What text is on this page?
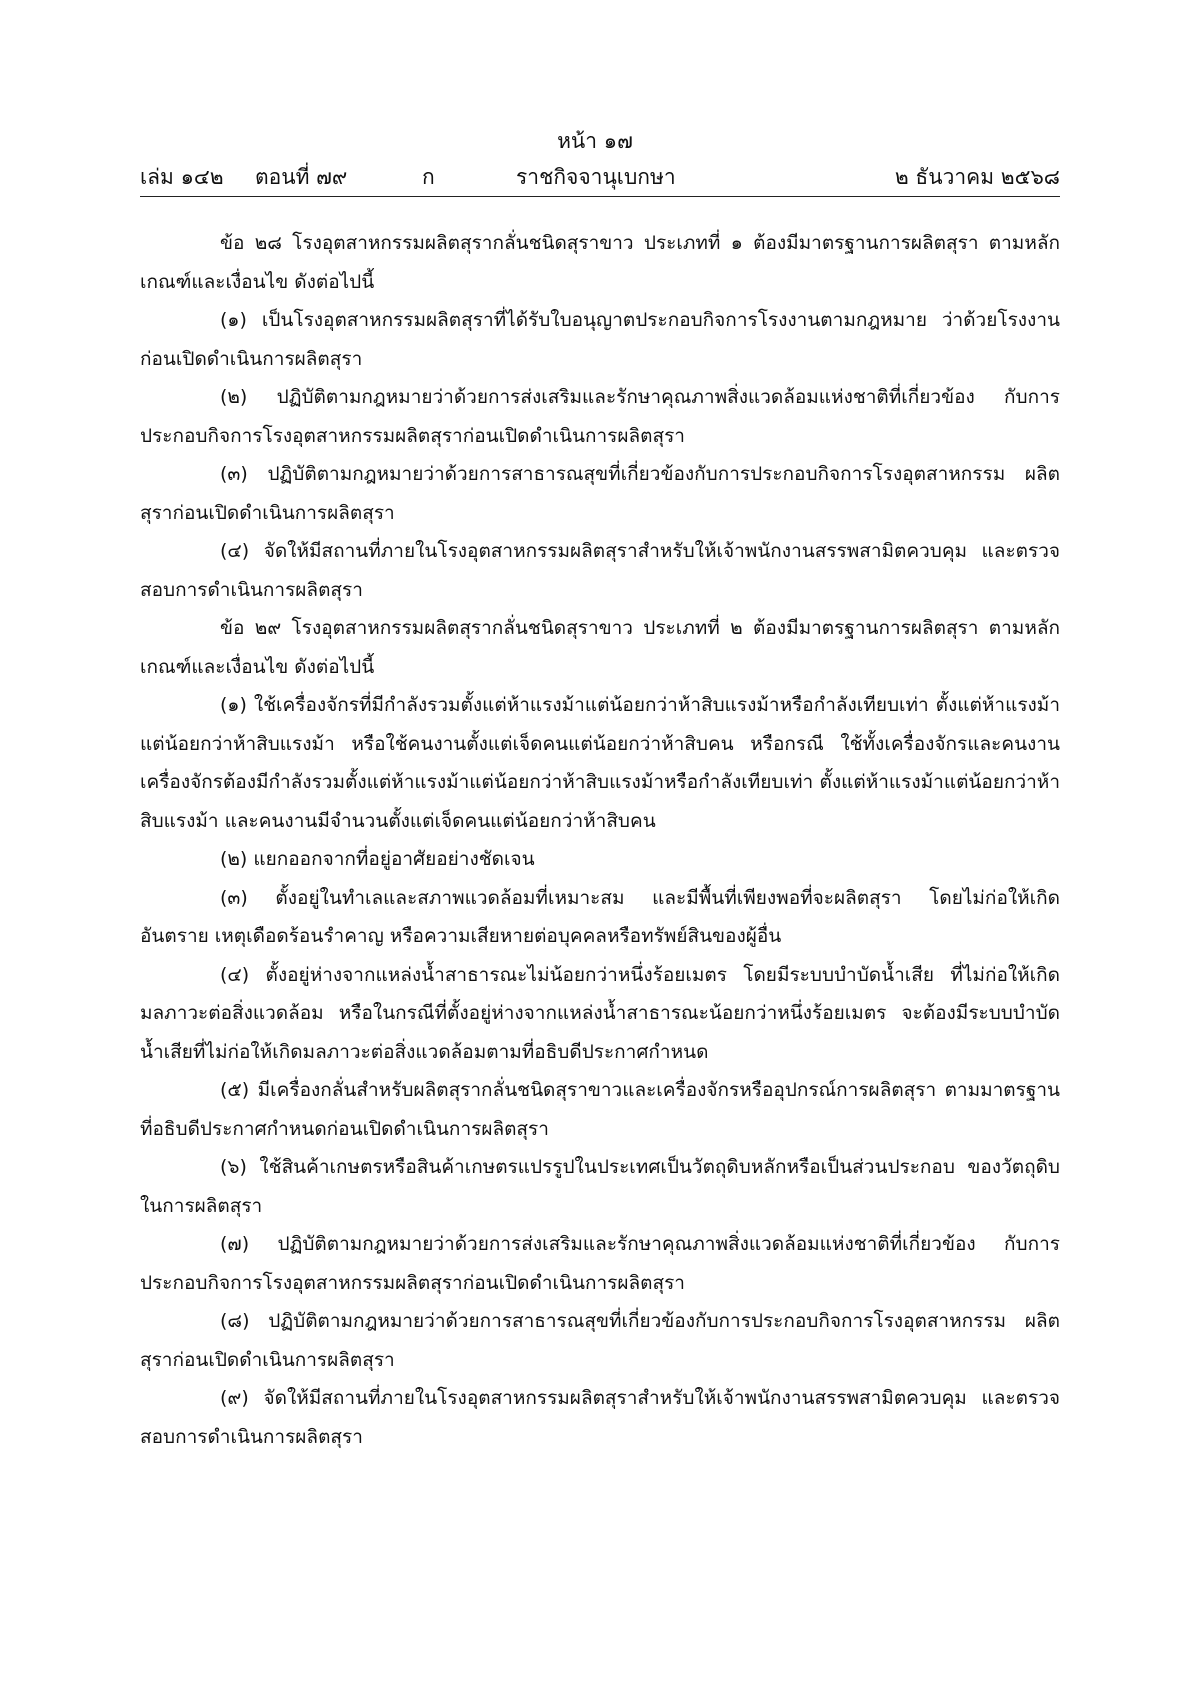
หน้า ๑๗
เล่ม ๑๔๒ ตอนที่ ๗๙	ก	ราชกิจจานุเบกษา	๒ ธันวาคม ๒๕๖๘

ข้อ ๒๘ โรงอุตสาหกรรมผลิตสุรากลั่นชนิดสุราขาว ประเภทที่ ๑ ต้องมีมาตรฐานการผลิตสุรา ตามหลักเกณฑ์และเงื่อนไข ดังต่อไปนี้

(๑) เป็นโรงอุตสาหกรรมผลิตสุราที่ได้รับใบอนุญาตประกอบกิจการโรงงานตามกฎหมาย ว่าด้วยโรงงานก่อนเปิดดำเนินการผลิตสุรา

(๒) ปฏิบัติตามกฎหมายว่าด้วยการส่งเสริมและรักษาคุณภาพสิ่งแวดล้อมแห่งชาติที่เกี่ยวข้อง กับการประกอบกิจการโรงอุตสาหกรรมผลิตสุราก่อนเปิดดำเนินการผลิตสุรา

(๓) ปฏิบัติตามกฎหมายว่าด้วยการสาธารณสุขที่เกี่ยวข้องกับการประกอบกิจการโรงอุตสาหกรรม ผลิตสุราก่อนเปิดดำเนินการผลิตสุรา

(๔) จัดให้มีสถานที่ภายในโรงอุตสาหกรรมผลิตสุราสำหรับให้เจ้าพนักงานสรรพสามิตควบคุม และตรวจสอบการดำเนินการผลิตสุรา

ข้อ ๒๙ โรงอุตสาหกรรมผลิตสุรากลั่นชนิดสุราขาว ประเภทที่ ๒ ต้องมีมาตรฐานการผลิตสุรา ตามหลักเกณฑ์และเงื่อนไข ดังต่อไปนี้

(๑) ใช้เครื่องจักรที่มีกำลังรวมตั้งแต่ห้าแรงม้าแต่น้อยกว่าห้าสิบแรงม้าหรือกำลังเทียบเท่า ตั้งแต่ห้าแรงม้าแต่น้อยกว่าห้าสิบแรงม้า หรือใช้คนงานตั้งแต่เจ็ดคนแต่น้อยกว่าห้าสิบคน หรือกรณี ใช้ทั้งเครื่องจักรและคนงาน เครื่องจักรต้องมีกำลังรวมตั้งแต่ห้าแรงม้าแต่น้อยกว่าห้าสิบแรงม้าหรือกำลังเทียบเท่า ตั้งแต่ห้าแรงม้าแต่น้อยกว่าห้าสิบแรงม้า และคนงานมีจำนวนตั้งแต่เจ็ดคนแต่น้อยกว่าห้าสิบคน

(๒) แยกออกจากที่อยู่อาศัยอย่างชัดเจน

(๓) ตั้งอยู่ในทำเลและสภาพแวดล้อมที่เหมาะสม และมีพื้นที่เพียงพอที่จะผลิตสุรา โดยไม่ก่อให้เกิดอันตราย เหตุเดือดร้อนรำคาญ หรือความเสียหายต่อบุคคลหรือทรัพย์สินของผู้อื่น

(๔) ตั้งอยู่ห่างจากแหล่งน้ำสาธารณะไม่น้อยกว่าหนึ่งร้อยเมตร โดยมีระบบบำบัดน้ำเสีย ที่ไม่ก่อให้เกิดมลภาวะต่อสิ่งแวดล้อม หรือในกรณีที่ตั้งอยู่ห่างจากแหล่งน้ำสาธารณะน้อยกว่าหนึ่งร้อยเมตร จะต้องมีระบบบำบัดน้ำเสียที่ไม่ก่อให้เกิดมลภาวะต่อสิ่งแวดล้อมตามที่อธิบดีประกาศกำหนด

(๕) มีเครื่องกลั่นสำหรับผลิตสุรากลั่นชนิดสุราขาวและเครื่องจักรหรืออุปกรณ์การผลิตสุรา ตามมาตรฐานที่อธิบดีประกาศกำหนดก่อนเปิดดำเนินการผลิตสุรา

(๖) ใช้สินค้าเกษตรหรือสินค้าเกษตรแปรรูปในประเทศเป็นวัตถุดิบหลักหรือเป็นส่วนประกอบ ของวัตถุดิบในการผลิตสุรา

(๗) ปฏิบัติตามกฎหมายว่าด้วยการส่งเสริมและรักษาคุณภาพสิ่งแวดล้อมแห่งชาติที่เกี่ยวข้อง กับการประกอบกิจการโรงอุตสาหกรรมผลิตสุราก่อนเปิดดำเนินการผลิตสุรา

(๘) ปฏิบัติตามกฎหมายว่าด้วยการสาธารณสุขที่เกี่ยวข้องกับการประกอบกิจการโรงอุตสาหกรรม ผลิตสุราก่อนเปิดดำเนินการผลิตสุรา

(๙) จัดให้มีสถานที่ภายในโรงอุตสาหกรรมผลิตสุราสำหรับให้เจ้าพนักงานสรรพสามิตควบคุม และตรวจสอบการดำเนินการผลิตสุรา
